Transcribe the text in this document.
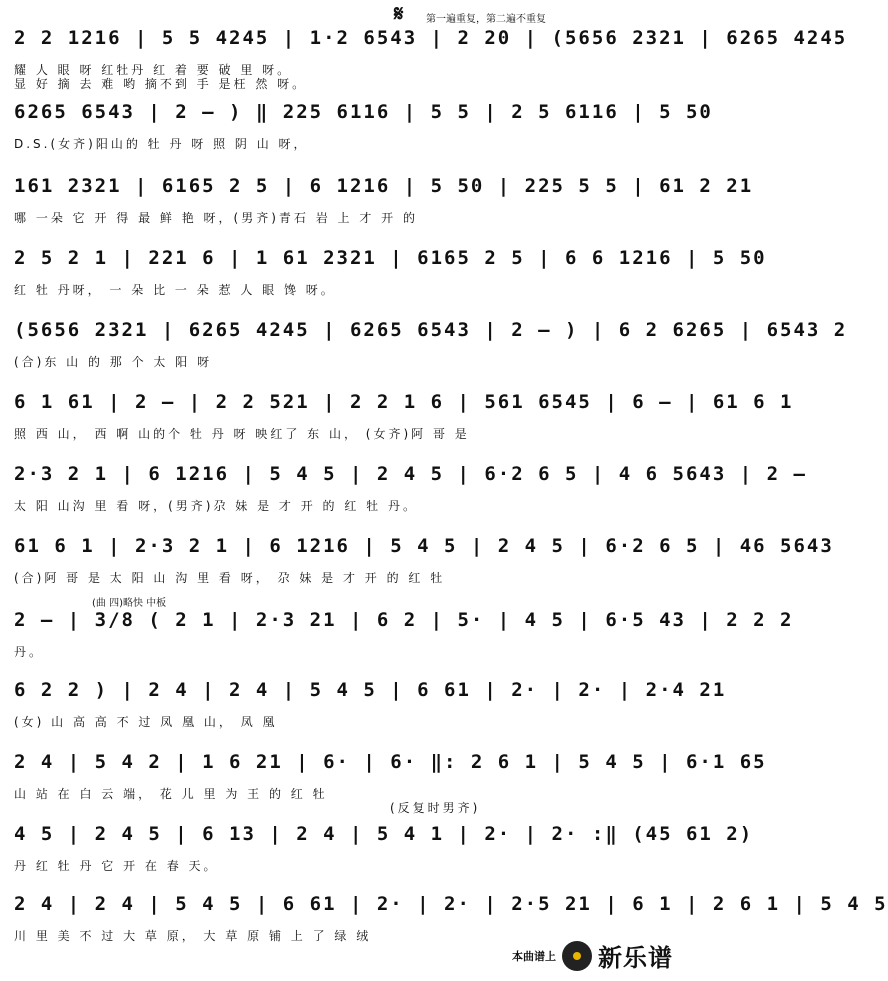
𝄋 第一遍重复，第二遍不重复
2 2 1216 | 5 5 4245 | 1·2 6543 | 2 20 | (5656 2321 | 6265 4245
耀 人 眼 呀 红牡丹 红 着 要 破 里 呀。
显 好 摘 去 难 哟 摘不到 手 是枉 然 呀。
6265 6543 | 2 – ) ‖ 225 6116 | 5 5 | 2 5 6116 | 5 50
D.S.(女齐)阳山的 牡 丹 呀 照 阴 山 呀，
161 2321 | 6165 2 5 | 6 1216 | 5 50 | 225 5 5 | 61 2 21
哪 一朵 它 开 得 最 鲜 艳 呀，(男齐)青石 岩 上 才 开 的
2 5 2 1 | 221 6 | 1 61 2321 | 6165 2 5 | 6 6 1216 | 5 50
红 牡 丹呀， 一 朵 比 一 朵 惹 人 眼 馋 呀。
(5656 2321 | 6265 4245 | 6265 6543 | 2 – ) | 6 2 6265 | 6543 2
(合)东 山 的 那 个 太 阳 呀
6 1 61 | 2 – | 2 2 521 | 2 2 1 6 | 561 6545 | 6 – | 61 6 1
照 西 山， 西 啊 山的个 牡 丹 呀 映红了 东 山， (女齐)阿 哥 是
2·3 2 1 | 6 1216 | 5 4 5 | 2 4 5 | 6·2 6 5 | 4 6 5643 | 2 –
太 阳 山沟 里 看 呀，(男齐)尕 妹 是 才 开 的 红 牡 丹。
61 6 1 | 2·3 2 1 | 6 1216 | 5 4 5 | 2 4 5 | 6·2 6 5 | 46 5643
(合)阿 哥 是 太 阳 山 沟 里 看 呀， 尕 妹 是 才 开 的 红 牡
(曲 四)略快 中板
2 – | 3/8 ( 2 1 | 2·3 21 | 6 2 | 5· | 4 5 | 6·5 43 | 2 2 2
丹。
6 2 2 ) | 2 4 | 2 4 | 5 4 5 | 6 61 | 2· | 2· | 2·4 21
(女) 山 高 高 不 过 凤 凰 山， 凤 凰
2 4 | 5 4 2 | 1 6 21 | 6· | 6· ‖: 2 6 1 | 5 4 5 | 6·1 65
山 站 在 白 云 端， 花 儿 里 为 王 的 红 牡
(反复时男齐)
4 5 | 2 4 5 | 6 13 | 2 4 | 5 4 1 | 2· | 2· :‖ (45 61 2)
丹 红 牡 丹 它 开 在 春 天。
2 4 | 2 4 | 5 4 5 | 6 61 | 2· | 2· | 2·5 21 | 6 1 | 2 6 1 | 5 4 5
川 里 美 不 过 大 草 原， 大 草 原 铺 上 了 绿 绒
本曲谱上 新乐谱
